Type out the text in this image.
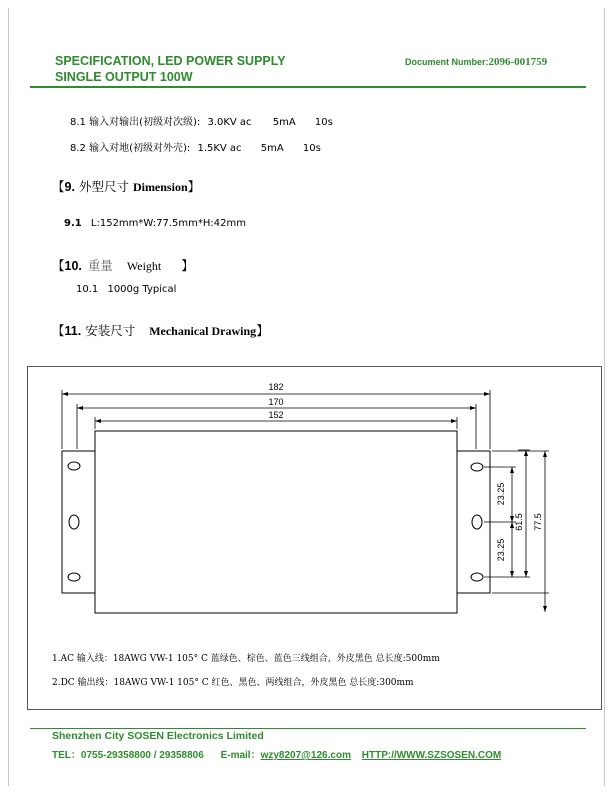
SPECIFICATION, LED POWER SUPPLY
SINGLE OUTPUT 100W
Document Number:2096-001759
8.1 输入对输出(初级对次级): 3.0KV ac 5mA 10s
8.2 输入对地(初级对外壳): 1.5KV ac 5mA 10s
【9. 外型尺寸 Dimension】
9.1 L:152mm*W:77.5mm*H:42mm
【10. 重量 Weight 】
10.1 1000g Typical
【11. 安装尺寸 Mechanical Drawing】
182
170
152
23.25
23.25
61.5 77.5
1.AC 输入线：18AWG VW-1 105° C 蓝绿色、棕色、蓝色三线组合，外皮黑色 总长度:500mm
2.DC 输出线：18AWG VW-1 105° C 红色、黑色、两线组合，外皮黑色 总长度:300mm
Shenzhen City SOSEN Electronics Limited
TEL：0755-29358800 / 29358806 E-mail：wzy8207@126.com HTTP://WWW.SZSOSEN.COM
